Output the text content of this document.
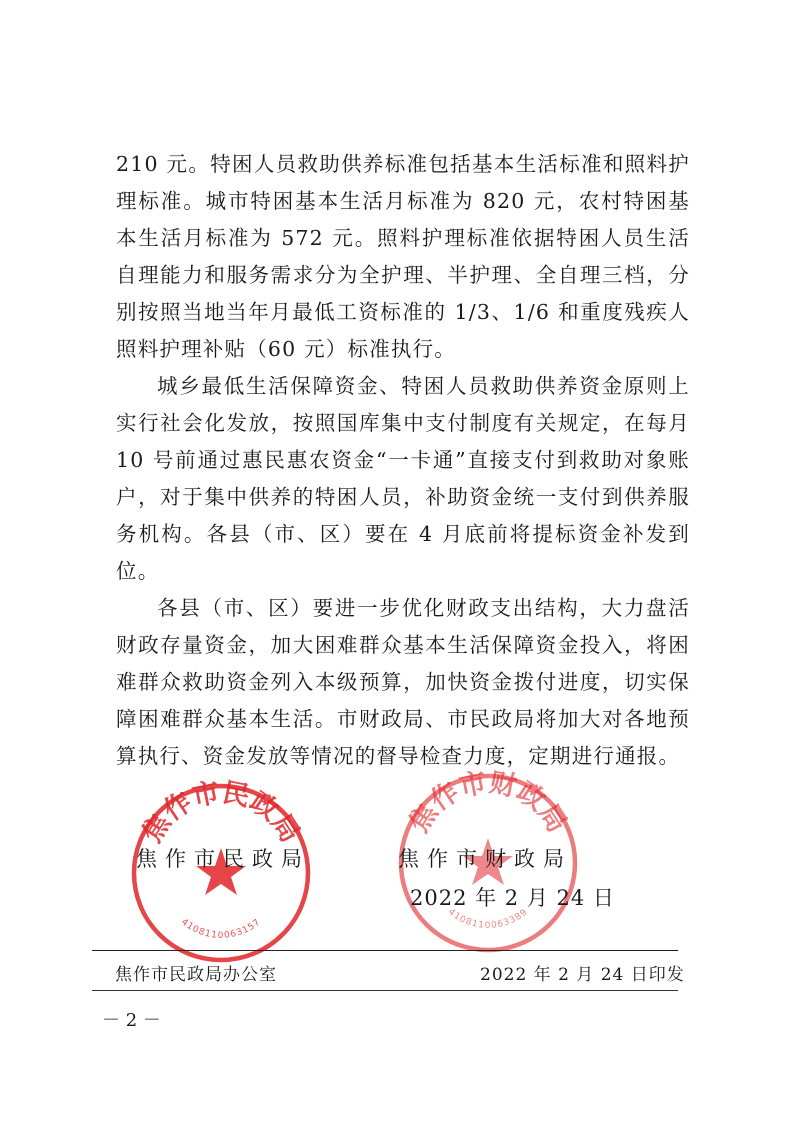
210 元。特困人员救助供养标准包括基本生活标准和照料护理标准。城市特困基本生活月标准为 820 元，农村特困基本生活月标准为 572 元。照料护理标准依据特困人员生活自理能力和服务需求分为全护理、半护理、全自理三档，分别按照当地当年月最低工资标准的 1/3、1/6 和重度残疾人照料护理补贴（60 元）标准执行。

城乡最低生活保障资金、特困人员救助供养资金原则上实行社会化发放，按照国库集中支付制度有关规定，在每月 10 号前通过惠民惠农资金“一卡通”直接支付到救助对象账户，对于集中供养的特困人员，补助资金统一支付到供养服务机构。各县（市、区）要在 4 月底前将提标资金补发到位。

各县（市、区）要进一步优化财政支出结构，大力盘活财政存量资金，加大困难群众基本生活保障资金投入，将困难群众救助资金列入本级预算，加快资金拨付进度，切实保障困难群众基本生活。市财政局、市民政局将加大对各地预算执行、资金发放等情况的督导检查力度，定期进行通报。

焦作市民政局
4108110063157
焦作市财政局
4108110063389
焦作市民政局	焦作市财政局
2022 年 2 月 24 日
焦作市民政局办公室	2022 年 2 月 24 日印发
－ 2 －
